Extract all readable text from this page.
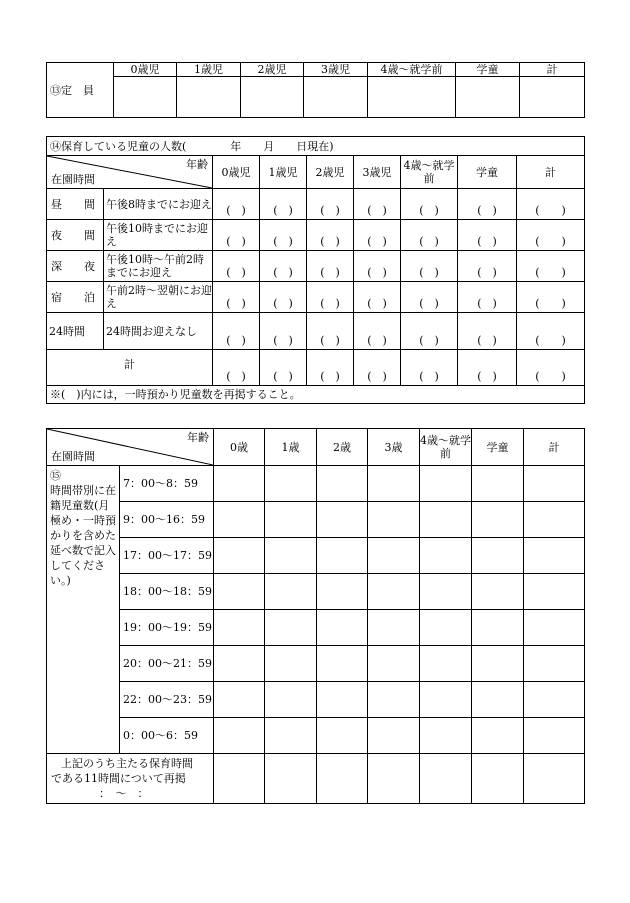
⑬定　員	0歳児	1歳児	2歳児	3歳児	4歳～就学前	学童	計

⑭保育している児童の人数(　　　　年　　月　　日現在)								

年齢
在園時間		0歳児	1歳児	2歳児	3歳児	4歳～就学前	学童	計
昼　　間	午後8時までにお迎え	(　)	(　)	(　)	(　)	(　)	(　)	(　　)
夜　　間	午後10時までにお迎え	(　)	(　)	(　)	(　)	(　)	(　)	(　　)
深　　夜	午後10時～午前2時までにお迎え	(　)	(　)	(　)	(　)	(　)	(　)	(　　)
宿　　泊	午前2時～翌朝にお迎え	(　)	(　)	(　)	(　)	(　)	(　)	(　　)
24時間	24時間お迎えなし	(　)	(　)	(　)	(　)	(　)	(　)	(　　)
計		(　)	(　)	(　)	(　)	(　)	(　)	(　　)
※(　)内には，一時預かり児童数を再掲すること。								
年齢
在園時間		0歳	1歳	2歳	3歳	4歳～就学前	学童	計
⑮
時間帯別に在籍児童数(月極め・一時預かりを含めた延べ数で記入してください。)	7：00～8：59							
	9：00～16：59							
	17：00～17：59							
	18：00～18：59							
	19：00～19：59							
	20：00～21：59							
	22：00～23：59							
	0：00～6：59							

上記のうち主たる保育時間
である11時間について再掲
：　～　：								
